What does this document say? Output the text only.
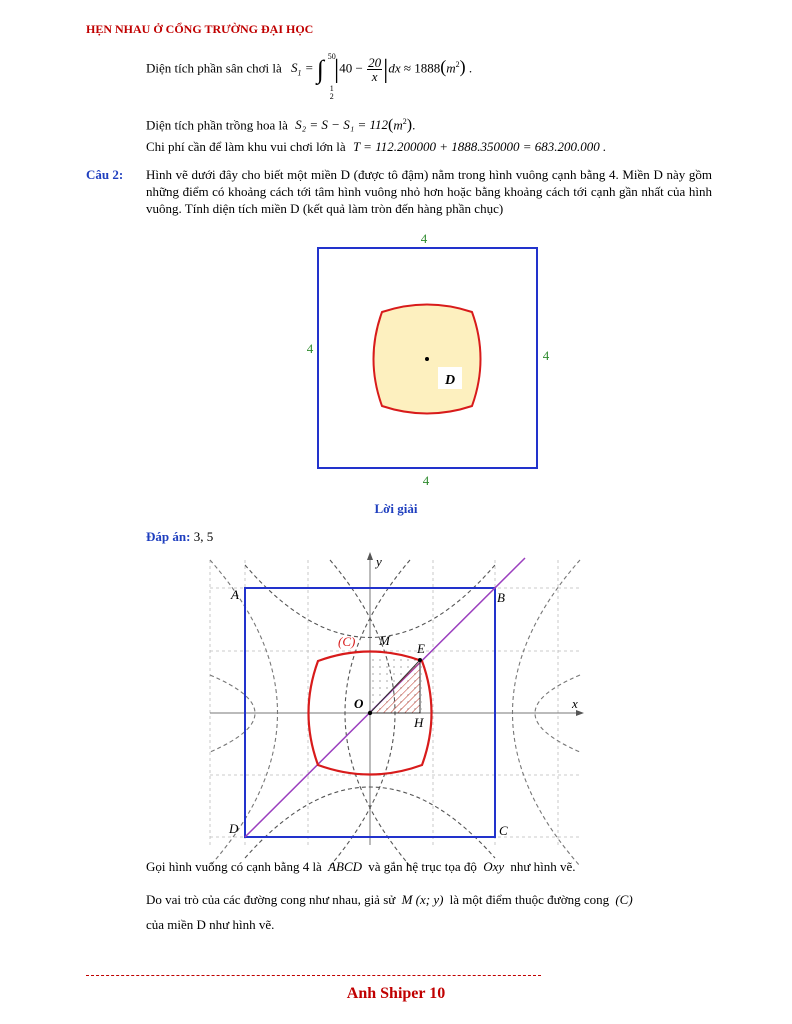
HẸN NHAU Ở CỔNG TRƯỜNG ĐẠI HỌC
Diện tích phần sân chơi là $S_1$ = ∫ 50
1
2
$|40 - \frac{20}{x} |dx \approx 1888(m^2)$ .
Diện tích phần trồng hoa là $S_2 = S - S_1 = 112(m^2)$.
Chi phí cần để làm khu vui chơi lớn là T = 112.200000 + 1888.350000 = 683.200.000 .
Câu 2: Hình vẽ dưới đây cho biết một miền D (được tô đậm) nằm trong hình vuông cạnh bằng 4. Miền D này gồm những điểm có khoảng cách tới tâm hình vuông nhỏ hơn hoặc bằng khoảng cách tới cạnh gần nhất của hình vuông. Tính diện tích miền D (kết quả làm tròn đến hàng phần chục)
4
4	4
4
D
Lời giải
Đáp án: 3, 5
A	B
C
D
O
M
E
H
(C)
x
y
Gọi hình vuông có cạnh bằng 4 là ABCD và gắn hệ trục tọa độ Oxy như hình vẽ.
Do vai trò của các đường cong như nhau, giả sử M (x; y) là một điểm thuộc đường cong (C)
của miền D như hình vẽ.
Anh Shiper 10
